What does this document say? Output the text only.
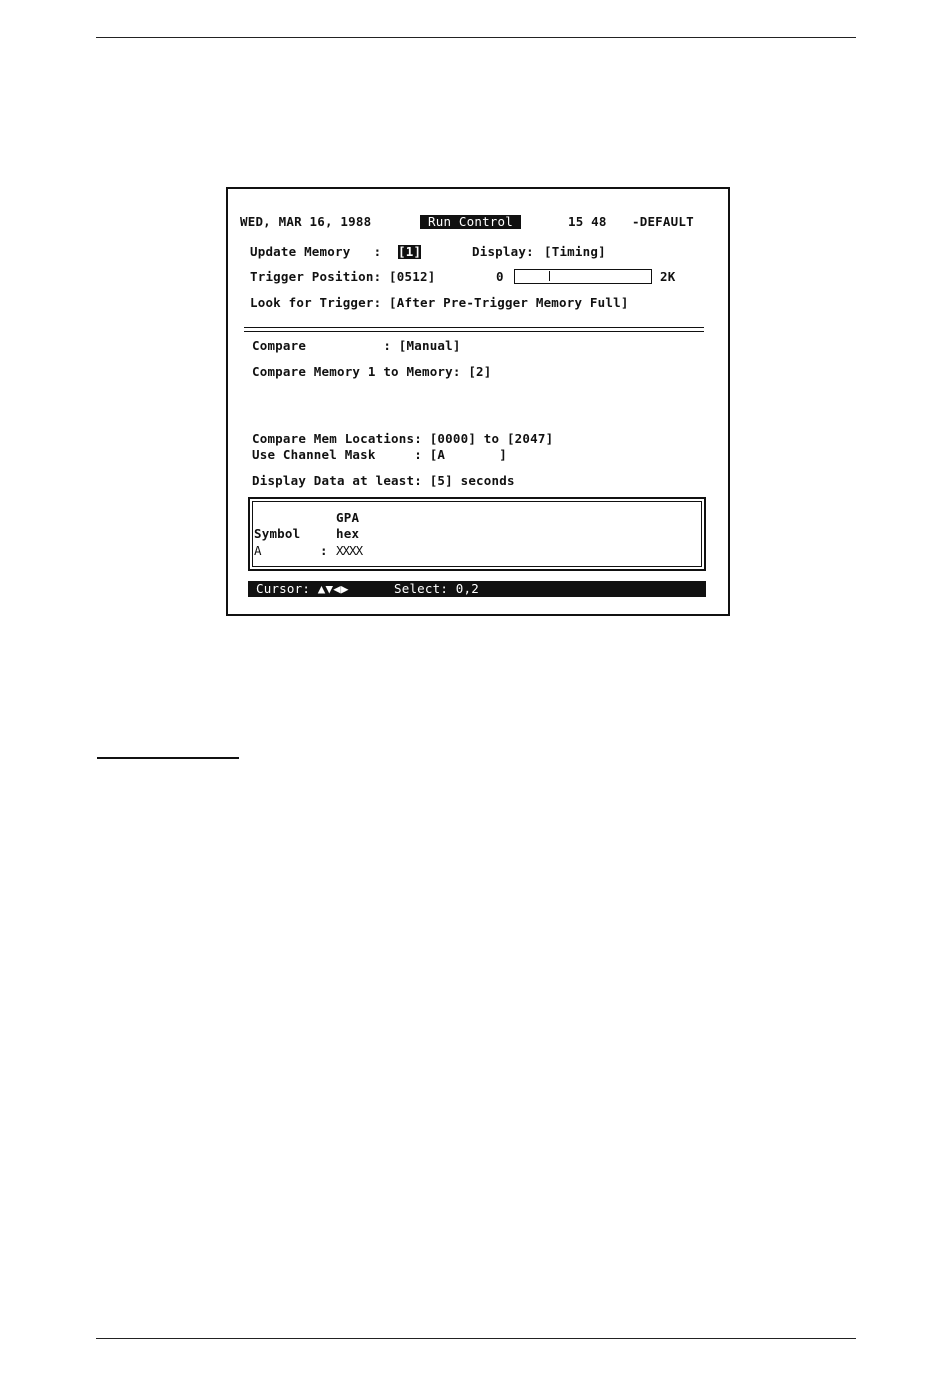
WED, MAR 16, 1988	Run Control	15 48 -DEFAULT
Update Memory   : [1]	Display: [Timing]
Trigger Position: [0512]	0	2K
Look for Trigger: [After Pre-Trigger Memory Full]
Compare          : [Manual]
Compare Memory 1 to Memory: [2]
Compare Mem Locations: [0000] to [2047]
Use Channel Mask     : [A       ]
Display Data at least: [5] seconds
GPA
Symbol	hex
A	: XXXX
Cursor: ▲▼◀▶	Select: 0,2
